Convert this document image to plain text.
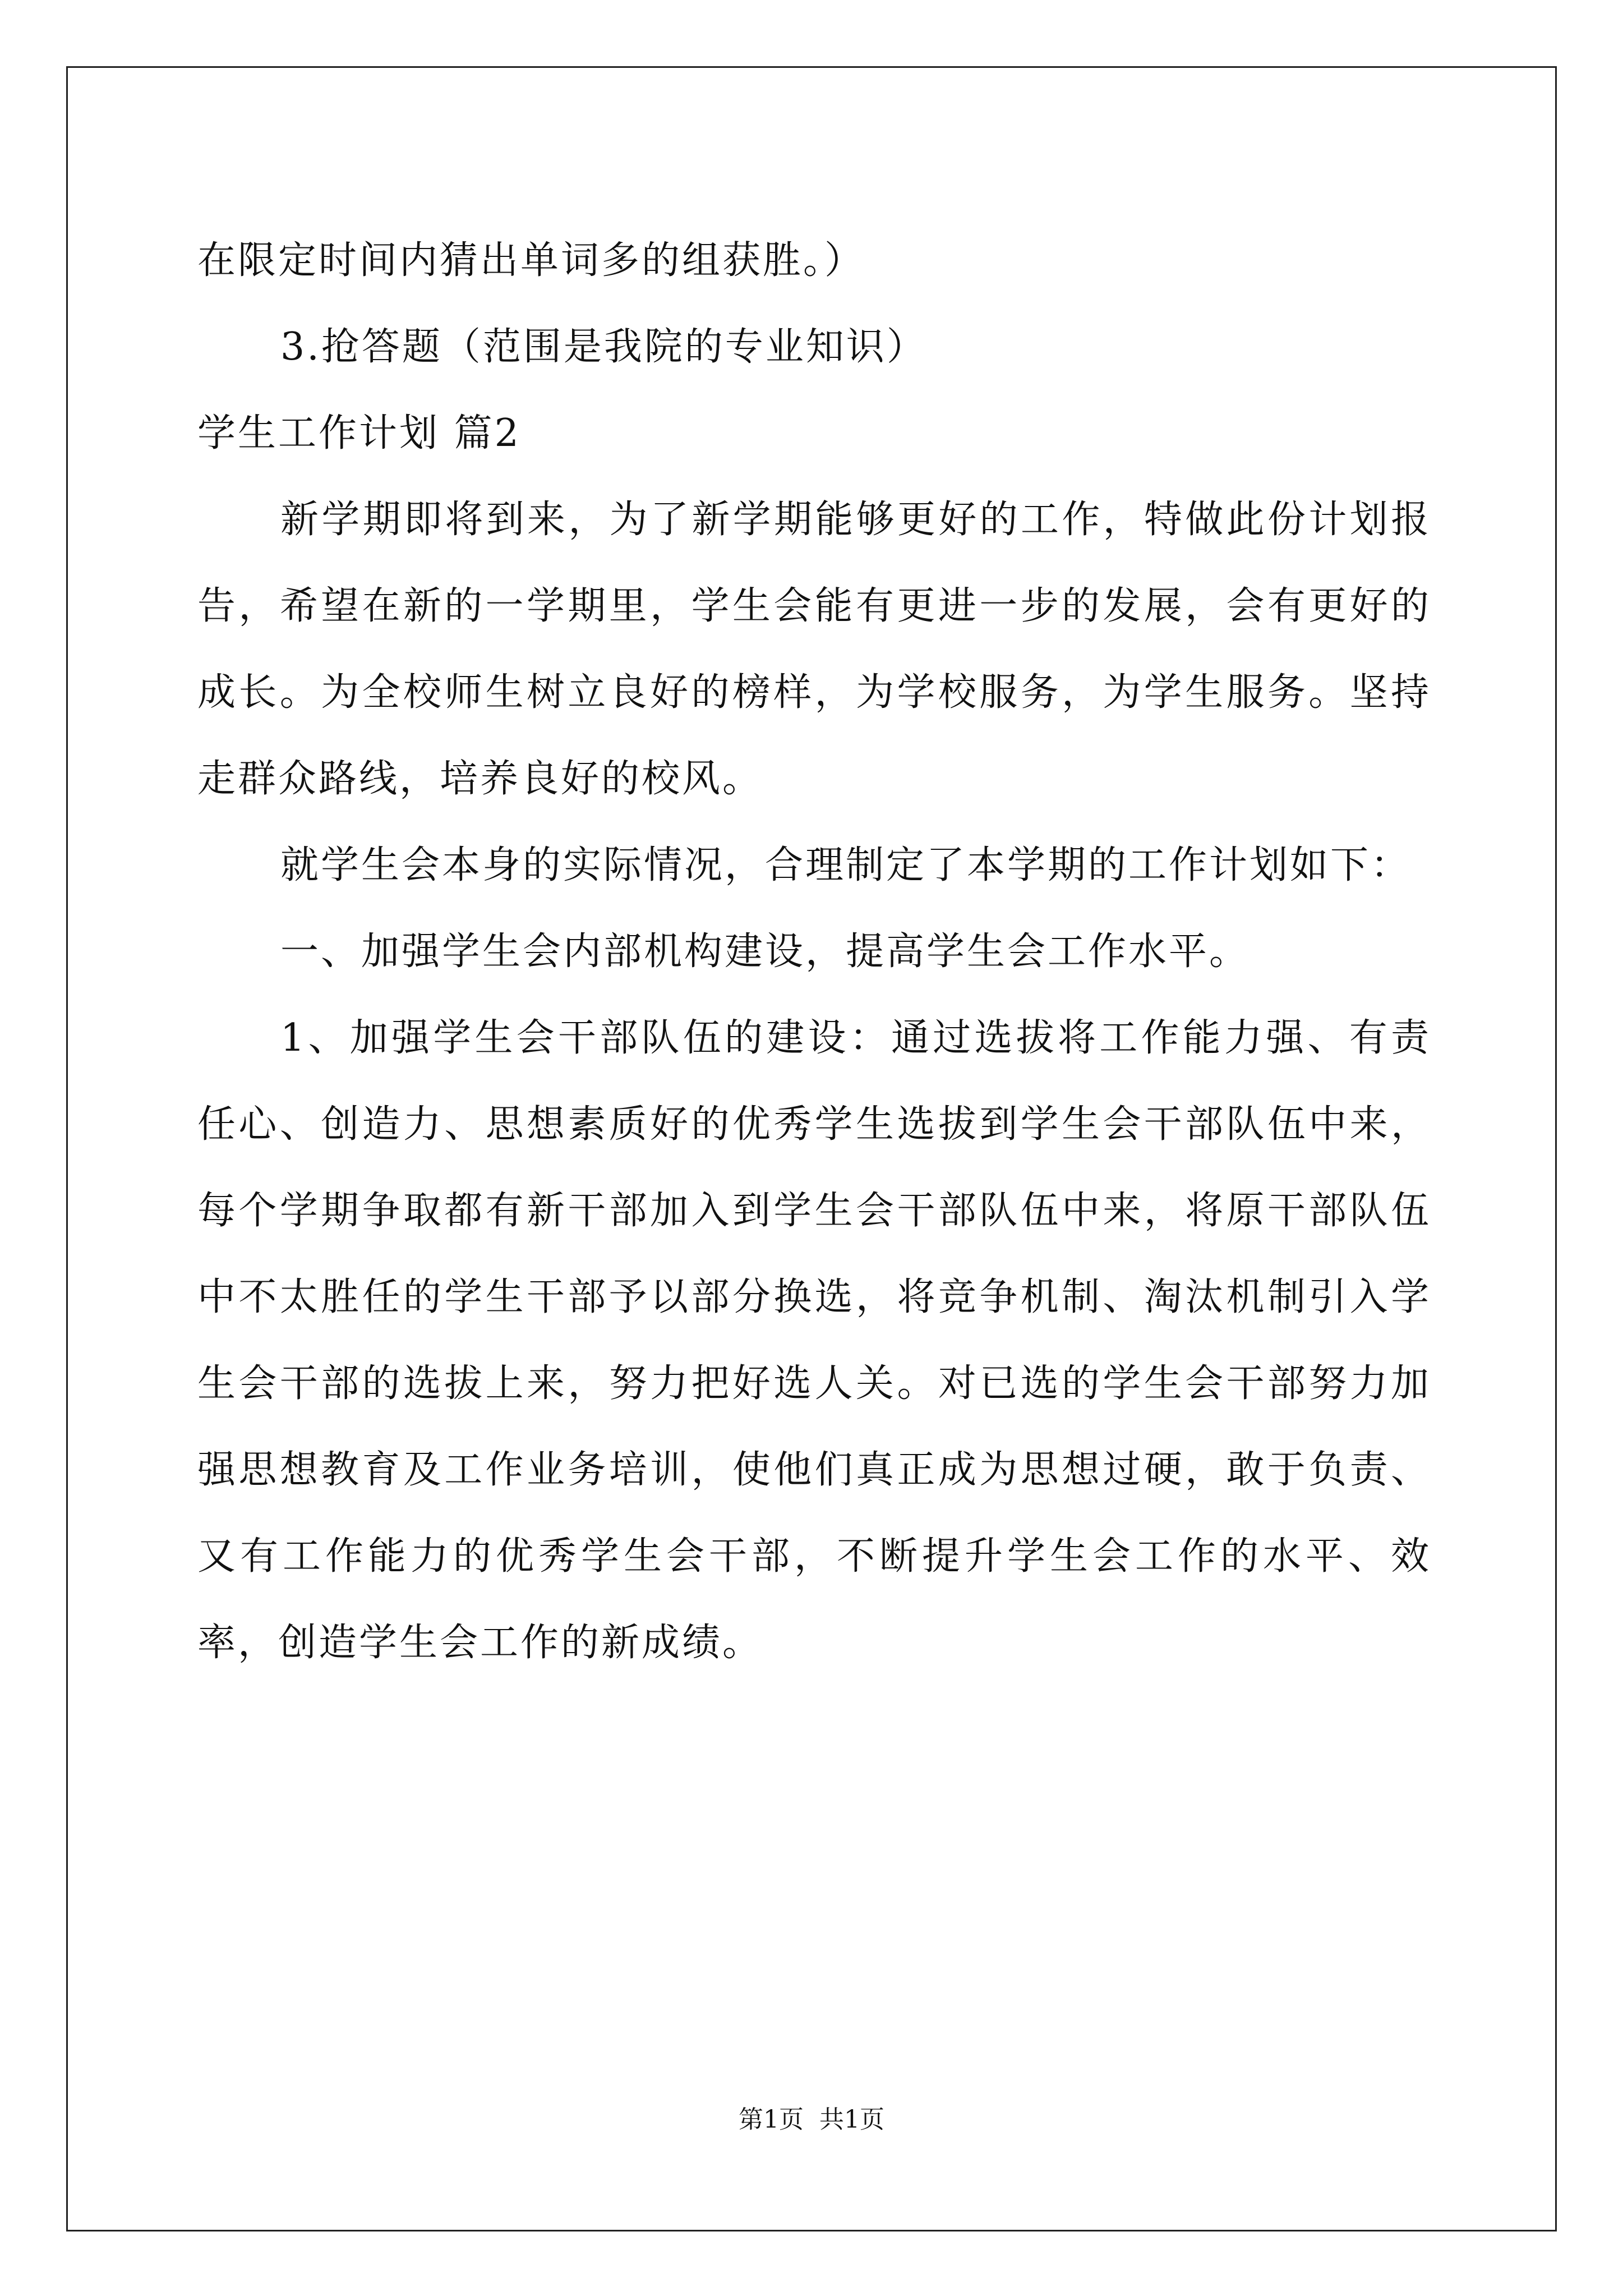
在限定时间内猜出单词多的组获胜。）

3.抢答题（范围是我院的专业知识）

学生工作计划 篇2

新学期即将到来，为了新学期能够更好的工作，特做此份计划报告，希望在新的一学期里，学生会能有更进一步的发展，会有更好的成长。为全校师生树立良好的榜样，为学校服务，为学生服务。坚持走群众路线，培养良好的校风。

就学生会本身的实际情况，合理制定了本学期的工作计划如下：

一、加强学生会内部机构建设，提高学生会工作水平。

1、加强学生会干部队伍的建设：通过选拔将工作能力强、有责任心、创造力、思想素质好的优秀学生选拔到学生会干部队伍中来，每个学期争取都有新干部加入到学生会干部队伍中来，将原干部队伍中不太胜任的学生干部予以部分换选，将竞争机制、淘汰机制引入学生会干部的选拔上来，努力把好选人关。对已选的学生会干部努力加强思想教育及工作业务培训，使他们真正成为思想过硬，敢于负责、又有工作能力的优秀学生会干部，不断提升学生会工作的水平、效率，创造学生会工作的新成绩。

第1页 共1页
